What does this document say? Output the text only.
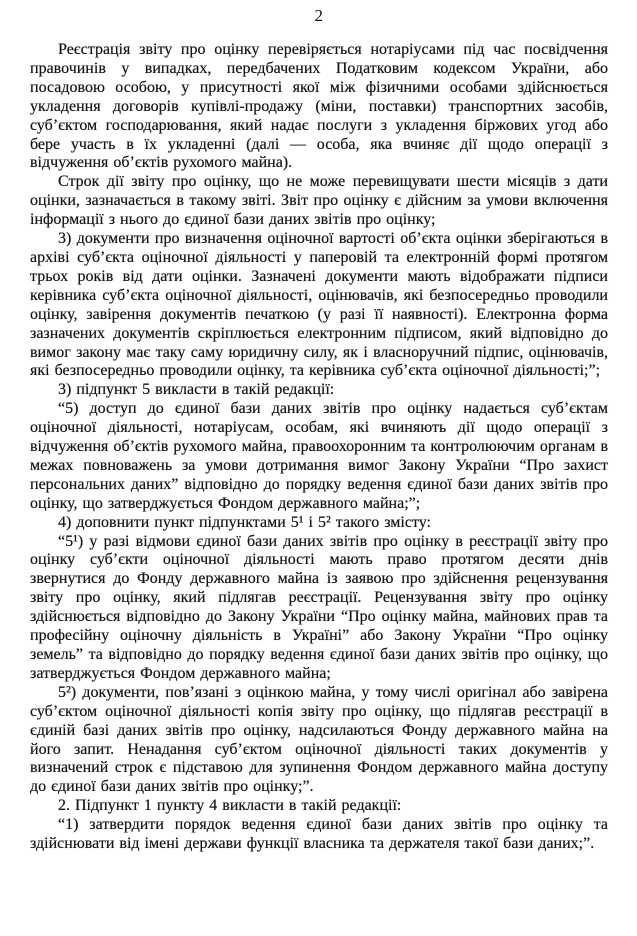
2

Реєстрація звіту про оцінку перевіряється нотаріусами під час посвідчення правочинів у випадках, передбачених Податковим кодексом України, або посадовою особою, у присутності якої між фізичними особами здійснюється укладення договорів купівлі-продажу (міни, поставки) транспортних засобів, суб’єктом господарювання, який надає послуги з укладення біржових угод або бере участь в їх укладенні (далі — особа, яка вчиняє дії щодо операції з відчуження об’єктів рухомого майна).

Строк дії звіту про оцінку, що не може перевищувати шести місяців з дати оцінки, зазначається в такому звіті. Звіт про оцінку є дійсним за умови включення інформації з нього до єдиної бази даних звітів про оцінку;

3) документи про визначення оціночної вартості об’єкта оцінки зберігаються в архіві суб’єкта оціночної діяльності у паперовій та електронній формі протягом трьох років від дати оцінки. Зазначені документи мають відображати підписи керівника суб’єкта оціночної діяльності, оцінювачів, які безпосередньо проводили оцінку, завірення документів печаткою (у разі її наявності). Електронна форма зазначених документів скріплюється електронним підписом, який відповідно до вимог закону має таку саму юридичну силу, як і власноручний підпис, оцінювачів, які безпосередньо проводили оцінку, та керівника суб’єкта оціночної діяльності;”;

3) підпункт 5 викласти в такій редакції:

“5) доступ до єдиної бази даних звітів про оцінку надається суб’єктам оціночної діяльності, нотаріусам, особам, які вчиняють дії щодо операції з відчуження об’єктів рухомого майна, правоохоронним та контролюючим органам в межах повноважень за умови дотримання вимог Закону України “Про захист персональних даних” відповідно до порядку ведення єдиної бази даних звітів про оцінку, що затверджується Фондом державного майна;”;

4) доповнити пункт підпунктами 5¹ і 5² такого змісту:

“5¹) у разі відмови єдиної бази даних звітів про оцінку в реєстрації звіту про оцінку суб’єкти оціночної діяльності мають право протягом десяти днів звернутися до Фонду державного майна із заявою про здійснення рецензування звіту про оцінку, який підлягав реєстрації. Рецензування звіту про оцінку здійснюється відповідно до Закону України “Про оцінку майна, майнових прав та професійну оціночну діяльність в Україні” або Закону України “Про оцінку земель” та відповідно до порядку ведення єдиної бази даних звітів про оцінку, що затверджується Фондом державного майна;

5²) документи, пов’язані з оцінкою майна, у тому числі оригінал або завірена суб’єктом оціночної діяльності копія звіту про оцінку, що підлягав реєстрації в єдиній базі даних звітів про оцінку, надсилаються Фонду державного майна на його запит. Ненадання суб’єктом оціночної діяльності таких документів у визначений строк є підставою для зупинення Фондом державного майна доступу до єдиної бази даних звітів про оцінку;”.

2. Підпункт 1 пункту 4 викласти в такій редакції:

“1) затвердити порядок ведення єдиної бази даних звітів про оцінку та здійснювати від імені держави функції власника та держателя такої бази даних;”.
